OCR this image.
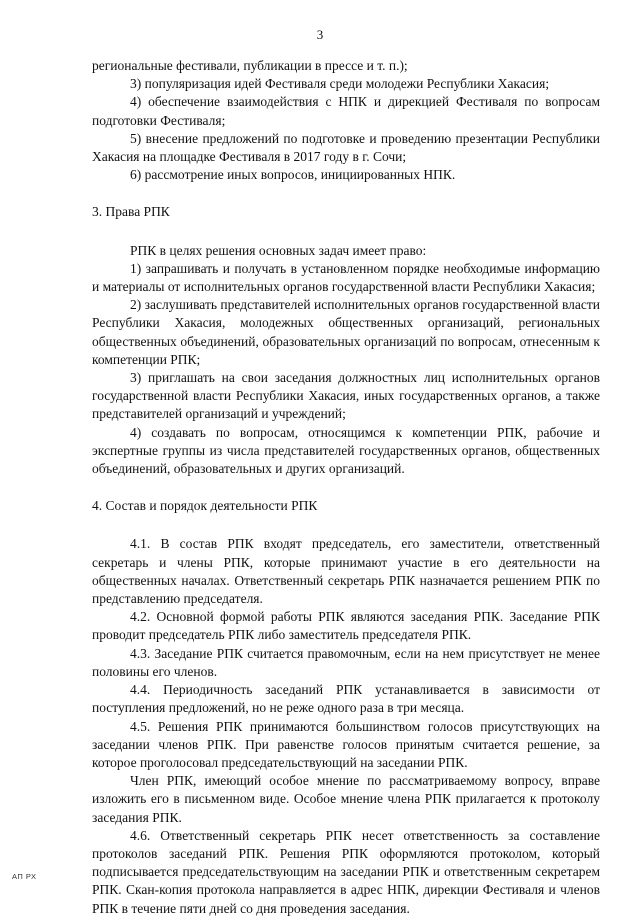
3

региональные фестивали, публикации в прессе и т. п.);

3) популяризация идей Фестиваля среди молодежи Республики Хакасия;

4) обеспечение взаимодействия с НПК и дирекцией Фестиваля по вопросам подготовки Фестиваля;

5) внесение предложений по подготовке и проведению презентации Республики Хакасия на площадке Фестиваля в 2017 году в г. Сочи;

6) рассмотрение иных вопросов, инициированных НПК.

3. Права РПК

РПК в целях решения основных задач имеет право:

1) запрашивать и получать в установленном порядке необходимые информацию и материалы от исполнительных органов государственной власти Республики Хакасия;

2) заслушивать представителей исполнительных органов государственной власти Республики Хакасия, молодежных общественных организаций, региональных общественных объединений, образовательных организаций по вопросам, отнесенным к компетенции РПК;

3) приглашать на свои заседания должностных лиц исполнительных органов государственной власти Республики Хакасия, иных государственных органов, а также представителей организаций и учреждений;

4) создавать по вопросам, относящимся к компетенции РПК, рабочие и экспертные группы из числа представителей государственных органов, общественных объединений, образовательных и других организаций.

4. Состав и порядок деятельности РПК

4.1. В состав РПК входят председатель, его заместители, ответственный секретарь и члены РПК, которые принимают участие в его деятельности на общественных началах. Ответственный секретарь РПК назначается решением РПК по представлению председателя.

4.2. Основной формой работы РПК являются заседания РПК. Заседание РПК проводит председатель РПК либо заместитель председателя РПК.

4.3. Заседание РПК считается правомочным, если на нем присутствует не менее половины его членов.

4.4. Периодичность заседаний РПК устанавливается в зависимости от поступления предложений, но не реже одного раза в три месяца.

4.5. Решения РПК принимаются большинством голосов присутствующих на заседании членов РПК. При равенстве голосов принятым считается решение, за которое проголосовал председательствующий на заседании РПК.

Член РПК, имеющий особое мнение по рассматриваемому вопросу, вправе изложить его в письменном виде. Особое мнение члена РПК прилагается к протоколу заседания РПК.

4.6. Ответственный секретарь РПК несет ответственность за составление протоколов заседаний РПК. Решения РПК оформляются протоколом, который подписывается председательствующим на заседании РПК и ответственным секретарем РПК. Скан-копия протокола направляется в адрес НПК, дирекции Фестиваля и членов РПК в течение пяти дней со дня проведения заседания.

АП РХ
